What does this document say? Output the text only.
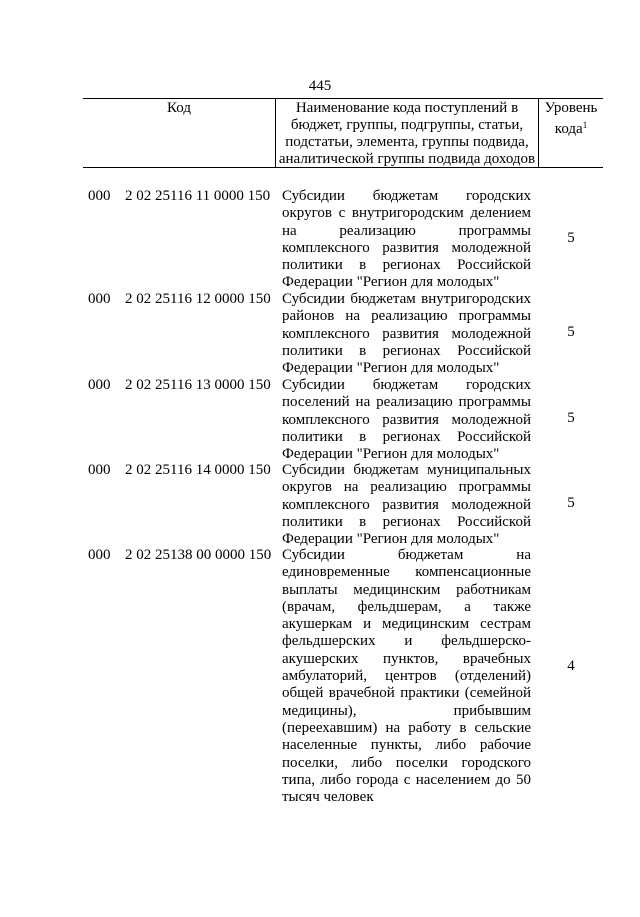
445
Код	Наименование кода поступлений в бюджет, группы, подгруппы, статьи, подстатьи, элемента, группы подвида, аналитической группы подвида доходов
Уровень кода$^1$
000 2 02 25116 11 0000 150 Субсидии бюджетам городских округов с внутригородским делением на реализацию программы комплексного развития молодежной политики в регионах Российской Федерации "Регион для молодых"
5
000 2 02 25116 12 0000 150 Субсидии бюджетам внутригородских районов на реализацию программы комплексного развития молодежной политики в регионах Российской Федерации "Регион для молодых"
5
000 2 02 25116 13 0000 150 Субсидии бюджетам городских поселений на реализацию программы комплексного развития молодежной политики в регионах Российской Федерации "Регион для молодых"
5
000 2 02 25116 14 0000 150 Субсидии бюджетам муниципальных округов на реализацию программы комплексного развития молодежной политики в регионах Российской Федерации "Регион для молодых"
5
000 2 02 25138 00 0000 150 Субсидии бюджетам на единовременные компенсационные выплаты медицинским работникам (врачам, фельдшерам, а также акушеркам и медицинским сестрам фельдшерских и фельдшерско-акушерских пунктов, врачебных амбулаторий, центров (отделений) общей врачебной практики (семейной медицины), прибывшим (переехавшим) на работу в сельские населенные пункты, либо рабочие поселки, либо поселки городского типа, либо города с населением до 50 тысяч человек
4
